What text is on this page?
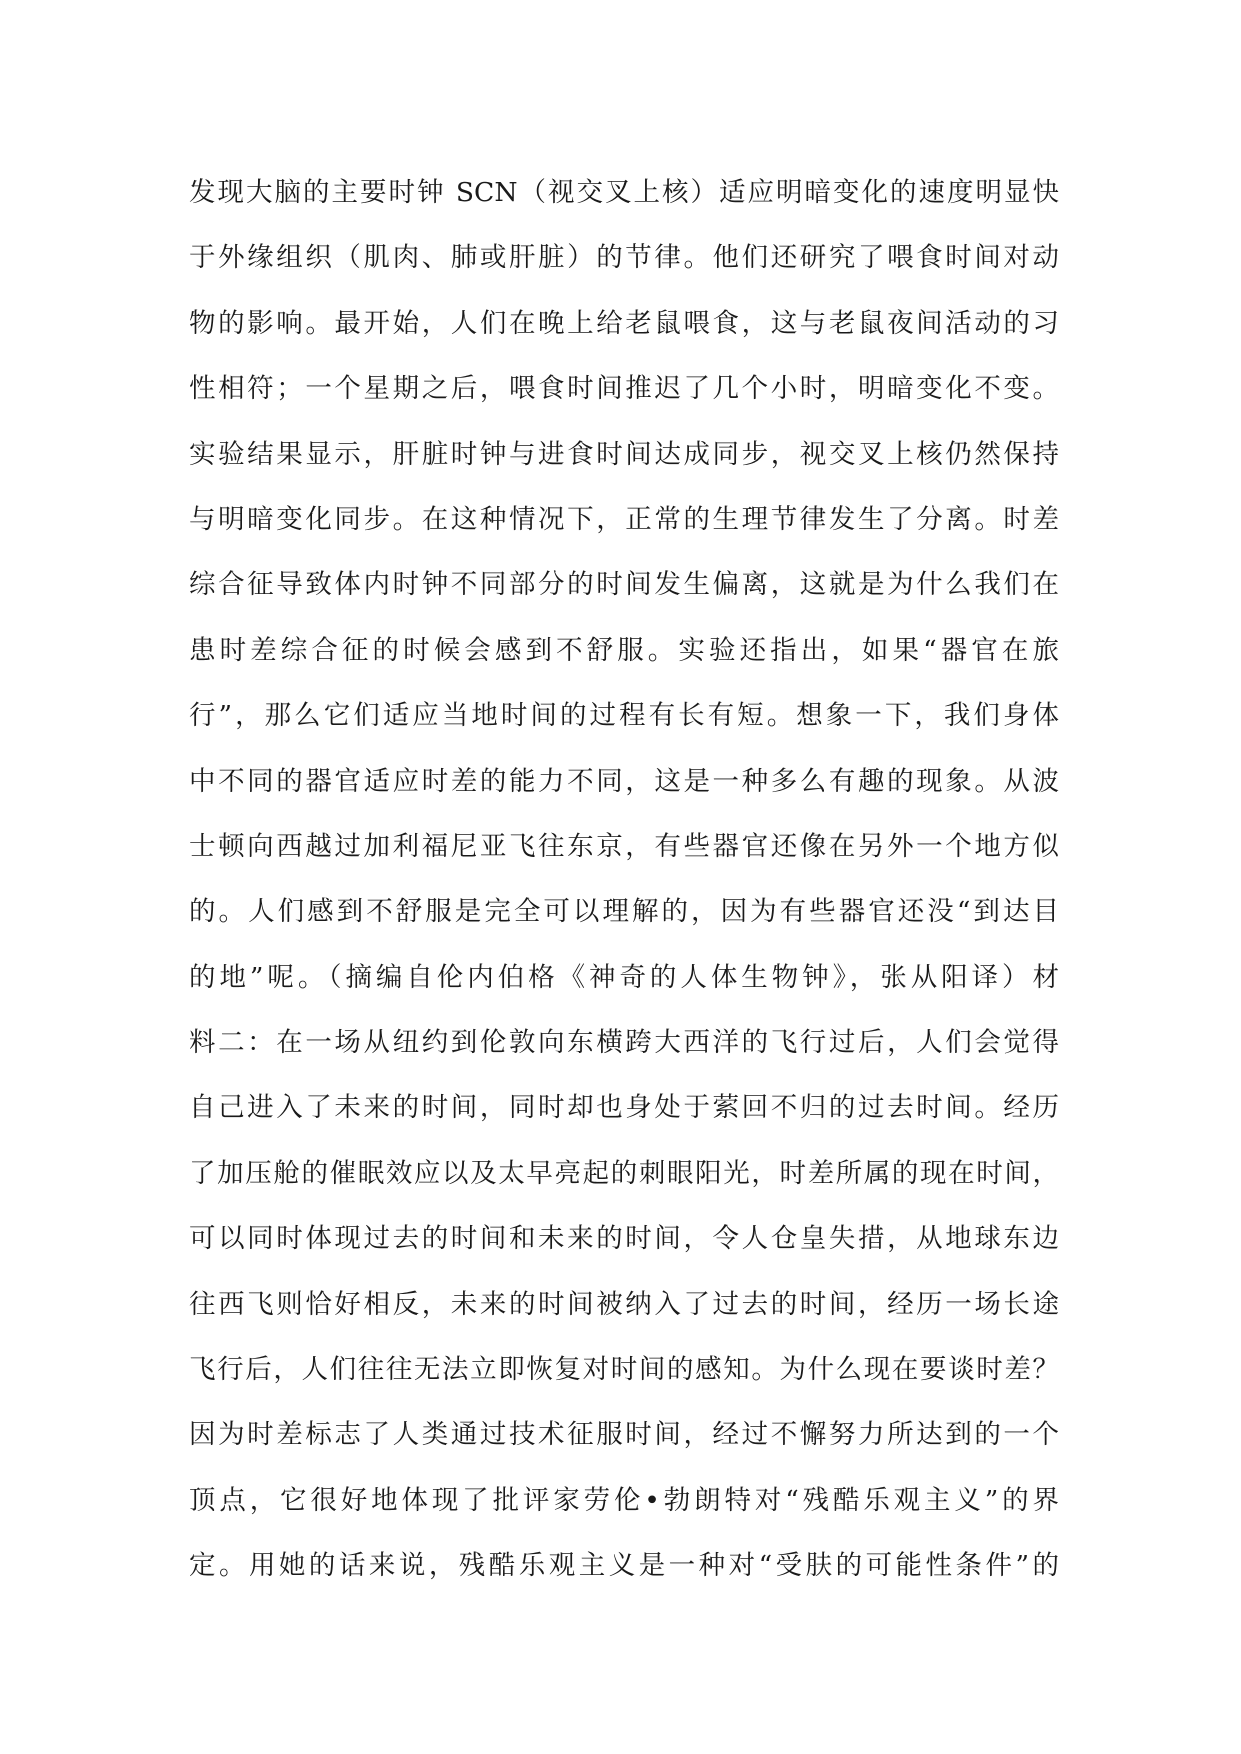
发现大脑的主要时钟 SCN（视交叉上核）适应明暗变化的速度明显快
于外缘组织（肌肉、肺或肝脏）的节律。他们还研究了喂食时间对动
物的影响。最开始，人们在晚上给老鼠喂食，这与老鼠夜间活动的习
性相符；一个星期之后，喂食时间推迟了几个小时，明暗变化不变。
实验结果显示，肝脏时钟与进食时间达成同步，视交叉上核仍然保持
与明暗变化同步。在这种情况下，正常的生理节律发生了分离。时差
综合征导致体内时钟不同部分的时间发生偏离，这就是为什么我们在
患时差综合征的时候会感到不舒服。实验还指出，如果“器官在旅
行”，那么它们适应当地时间的过程有长有短。想象一下，我们身体
中不同的器官适应时差的能力不同，这是一种多么有趣的现象。从波
士顿向西越过加利福尼亚飞往东京，有些器官还像在另外一个地方似
的。人们感到不舒服是完全可以理解的，因为有些器官还没“到达目
的地”呢。（摘编自伦内伯格《神奇的人体生物钟》，张从阳译）材
料二：在一场从纽约到伦敦向东横跨大西洋的飞行过后，人们会觉得
自己进入了未来的时间，同时却也身处于萦回不归的过去时间。经历
了加压舱的催眠效应以及太早亮起的刺眼阳光，时差所属的现在时间，
可以同时体现过去的时间和未来的时间，令人仓皇失措，从地球东边
往西飞则恰好相反，未来的时间被纳入了过去的时间，经历一场长途
飞行后，人们往往无法立即恢复对时间的感知。为什么现在要谈时差？
因为时差标志了人类通过技术征服时间，经过不懈努力所达到的一个
顶点，它很好地体现了批评家劳伦•勃朗特对“残酷乐观主义”的界
定。用她的话来说，残酷乐观主义是一种对“受肤的可能性条件”的
